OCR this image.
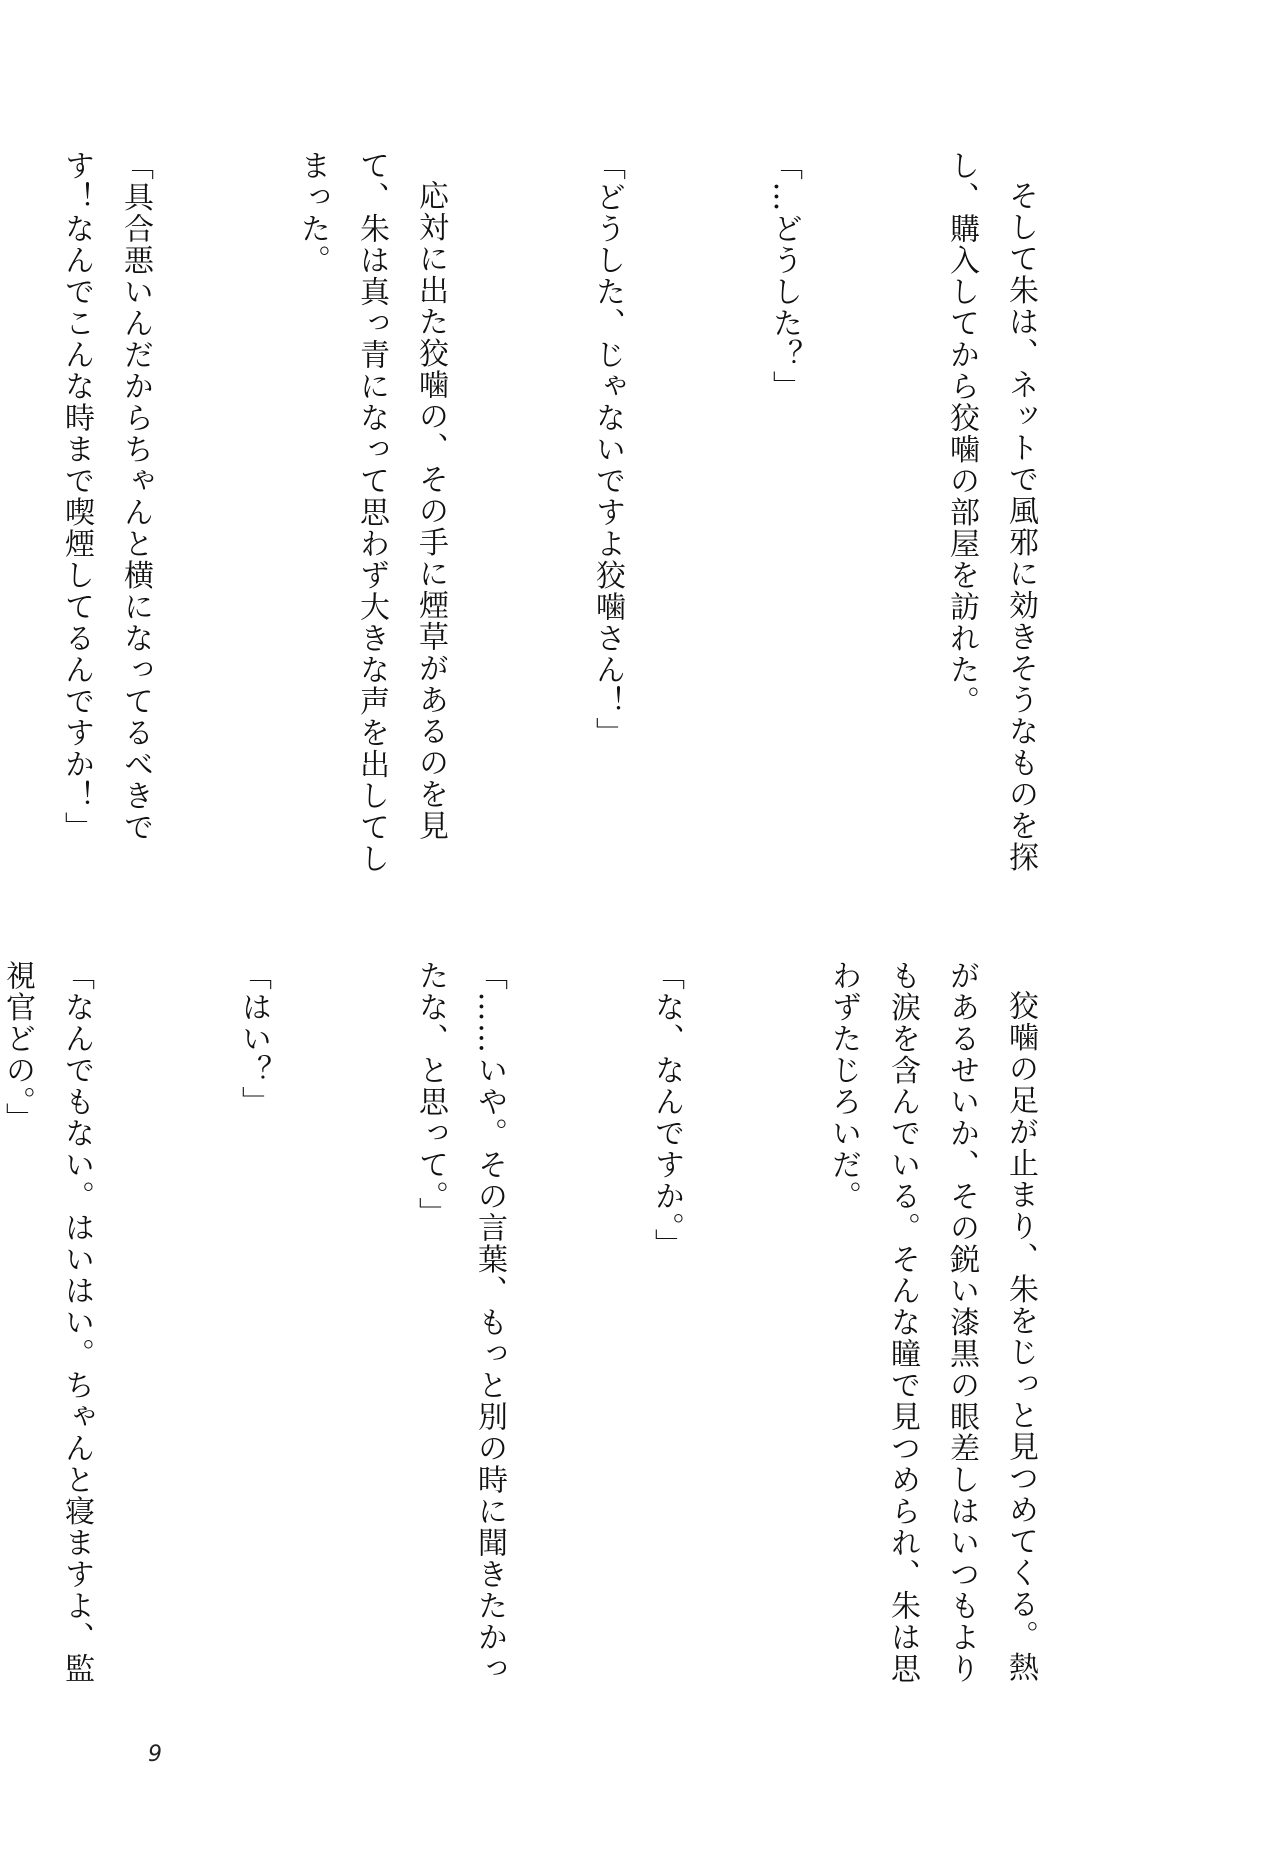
そして朱は、ネットで風邪に効きそうなものを探し、購入してから狡噛の部屋を訪れた。

「…どうした？」

「どうした、じゃないですよ狡噛さん！」

応対に出た狡噛の、その手に煙草があるのを見て、朱は真っ青になって思わず大きな声を出してしまった。

「具合悪いんだからちゃんと横になってるべきです！なんでこんな時まで喫煙してるんですか！」

狡噛の足が止まり、朱をじっと見つめてくる。熱があるせいか、その鋭い漆黒の眼差しはいつもよりも涙を含んでいる。そんな瞳で見つめられ、朱は思わずたじろいだ。

「な、なんですか。」

「……いや。その言葉、もっと別の時に聞きたかったな、と思って。」

「はい？」

「なんでもない。はいはい。ちゃんと寝ますよ、監視官どの。」

9
